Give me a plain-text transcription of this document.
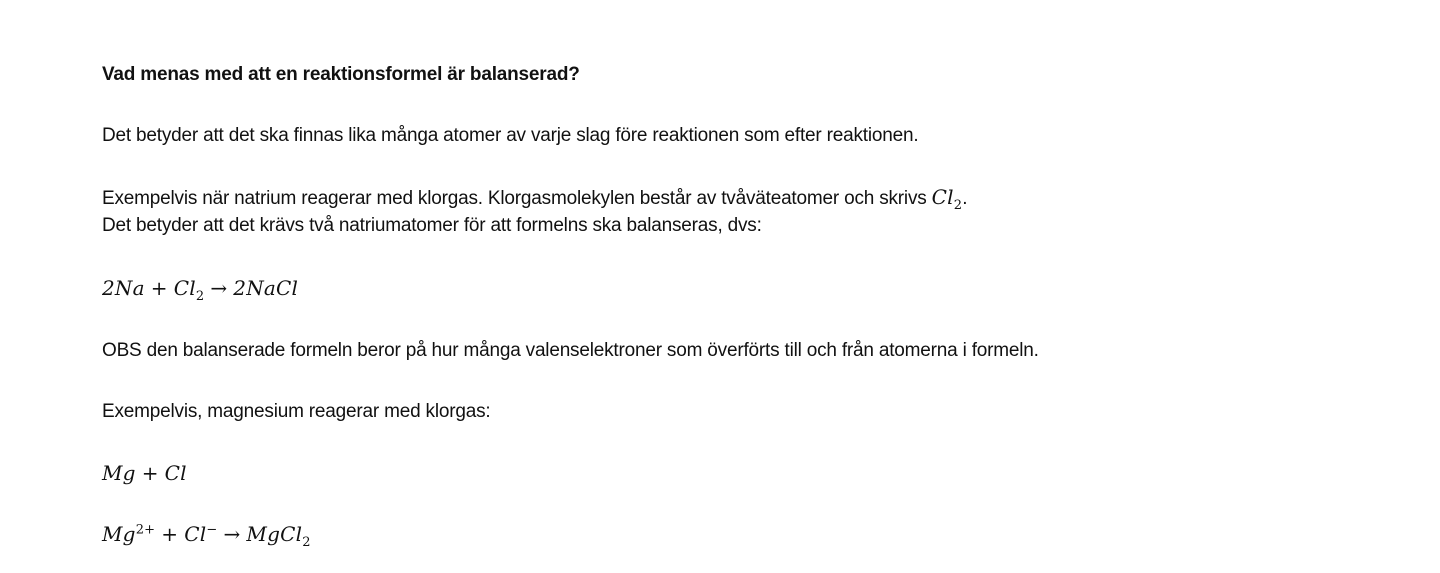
Vad menas med att en reaktionsformel är balanserad?
Det betyder att det ska finnas lika många atomer av varje slag före reaktionen som efter reaktionen.
Exempelvis när natrium reagerar med klorgas. Klorgasmolekylen består av tvåväteatomer och skrivs $Cl_2$.
Det betyder att det krävs två natriumatomer för att formelns ska balanseras, dvs:
$2Na + Cl_2$ → 2NaCl
OBS den balanserade formeln beror på hur många valenselektroner som överförts till och från atomerna i formeln.
Exempelvis, magnesium reagerar med klorgas:
Mg + Cl
$Mg^{2+} + Cl^-$ → MgCl$_2$
